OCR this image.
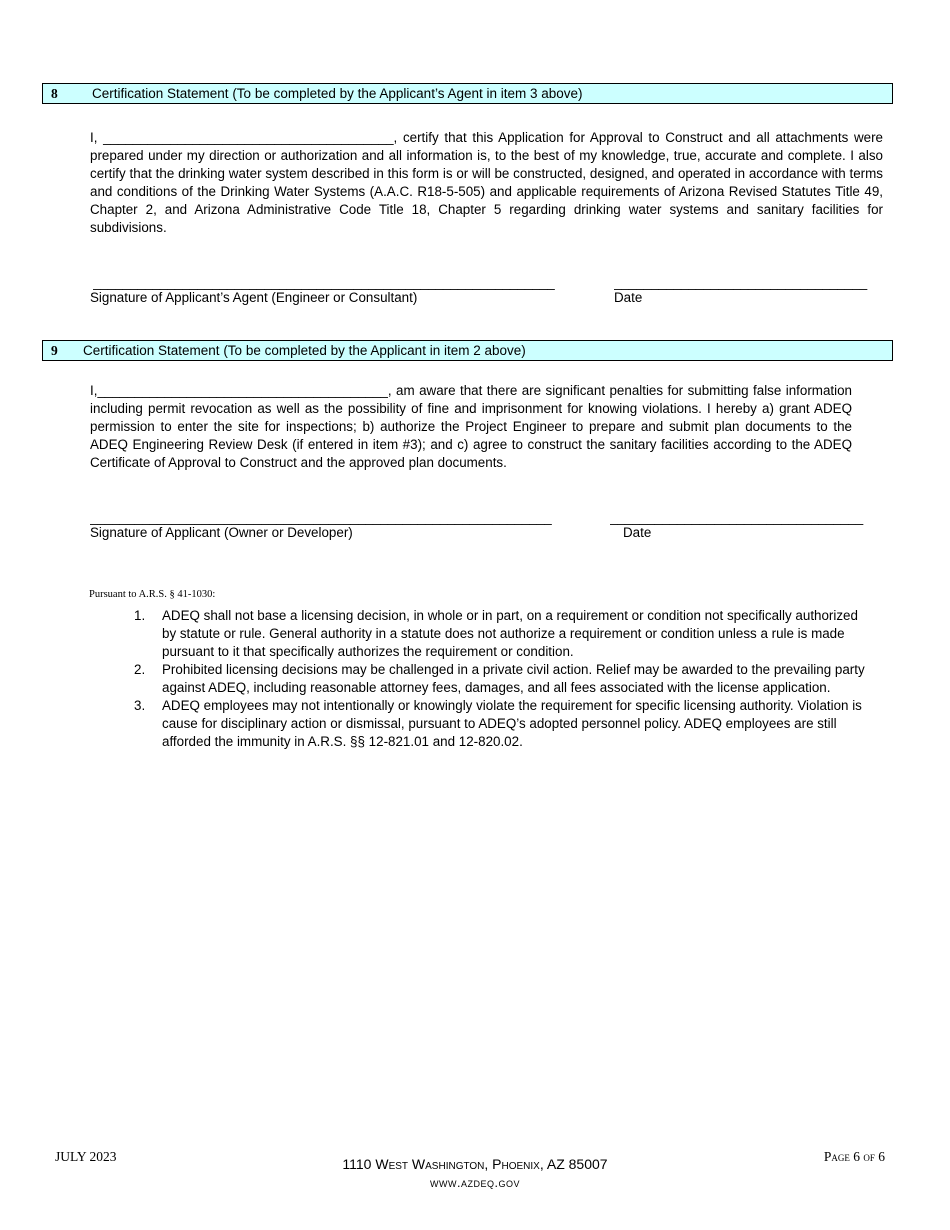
8	Certification Statement (To be completed by the Applicant’s Agent in item 3 above)
I, _______________________________________, certify that this Application for Approval to Construct and all attachments were prepared under my direction or authorization and all information is, to the best of my knowledge, true, accurate and complete. I also certify that the drinking water system described in this form is or will be constructed, designed, and operated in accordance with terms and conditions of the Drinking Water Systems (A.A.C. R18-5-505) and applicable requirements of Arizona Revised Statutes Title 49, Chapter 2, and Arizona Administrative Code Title 18, Chapter 5 regarding drinking water systems and sanitary facilities for subdivisions.
______________________________________________________________	__________________________________
Signature of Applicant’s Agent (Engineer or Consultant)	Date
9 Certification Statement (To be completed by the Applicant in item 2 above)
I,_______________________________________, am aware that there are significant penalties for submitting false information including permit revocation as well as the possibility of fine and imprisonment for knowing violations. I hereby a) grant ADEQ permission to enter the site for inspections; b) authorize the Project Engineer to prepare and submit plan documents to the ADEQ Engineering Review Desk (if entered in item #3); and c) agree to construct the sanitary facilities according to the ADEQ Certificate of Approval to Construct and the approved plan documents.
______________________________________________________________	__________________________________
Signature of Applicant (Owner or Developer)	Date
Pursuant to A.R.S. § 41-1030:
1. ADEQ shall not base a licensing decision, in whole or in part, on a requirement or condition not specifically authorized by statute or rule. General authority in a statute does not authorize a requirement or condition unless a rule is made pursuant to it that specifically authorizes the requirement or condition.
2. Prohibited licensing decisions may be challenged in a private civil action. Relief may be awarded to the prevailing party against ADEQ, including reasonable attorney fees, damages, and all fees associated with the license application.
3. ADEQ employees may not intentionally or knowingly violate the requirement for specific licensing authority. Violation is cause for disciplinary action or dismissal, pursuant to ADEQ’s adopted personnel policy. ADEQ employees are still afforded the immunity in A.R.S. §§ 12-821.01 and 12-820.02.
JULY 2023	1110 West Washington, Phoenix, AZ 85007
www.azdeq.gov
Page 6 of 6
